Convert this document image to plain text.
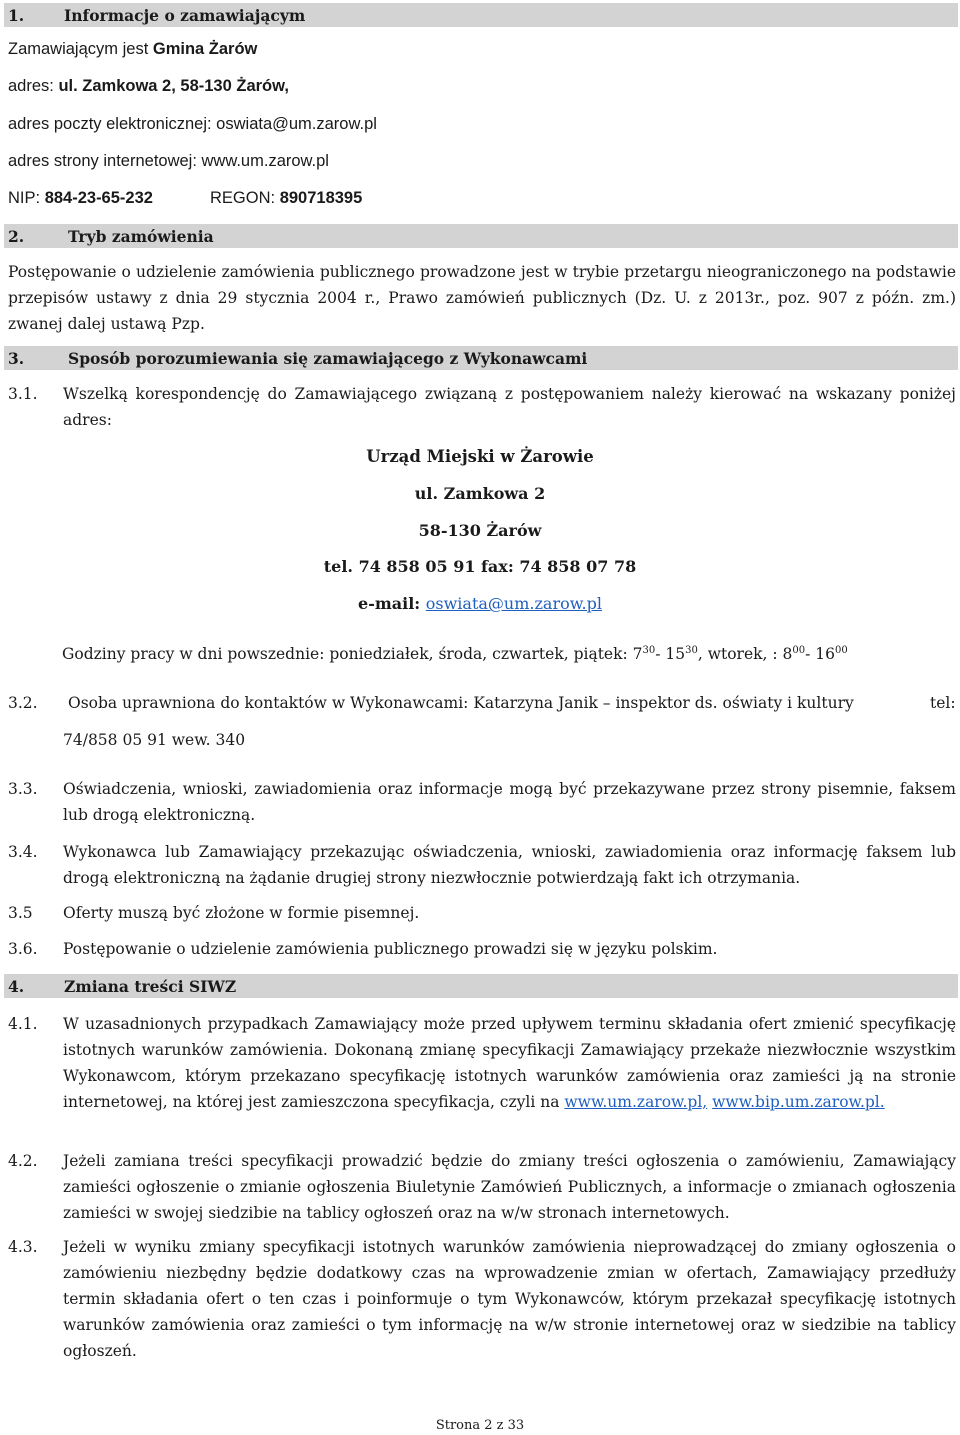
1.	Informacje o zamawiającym
Zamawiającym jest Gmina Żarów
adres: ul. Zamkowa 2, 58-130 Żarów,
adres poczty elektronicznej: oswiata@um.zarow.pl
adres strony internetowej: www.um.zarow.pl
NIP: 884-23-65-232	REGON: 890718395
2.	Tryb zamówienia
Postępowanie o udzielenie zamówienia publicznego prowadzone jest w trybie przetargu nieograniczonego na podstawie przepisów ustawy z dnia 29 stycznia 2004 r., Prawo zamówień publicznych (Dz. U. z 2013r., poz. 907 z późn. zm.) zwanej dalej ustawą Pzp.
3.	Sposób porozumiewania się zamawiającego z Wykonawcami
3.1. Wszelką korespondencję do Zamawiającego związaną z postępowaniem należy kierować na wskazany poniżej adres:
Urząd Miejski w Żarowie
ul. Zamkowa 2
58-130 Żarów
tel. 74 858 05 91 fax: 74 858 07 78
e-mail: oswiata@um.zarow.pl
Godziny pracy w dni powszednie: poniedziałek, środa, czwartek, piątek: $7^{30}-$ $15^{30}$, wtorek, : $8^{00}-$ $16^{00}$
3.2. Osoba uprawniona do kontaktów w Wykonawcami: Katarzyna Janik – inspektor ds. oświaty i kultury	tel:
74/858 05 91 wew. 340
3.3. Oświadczenia, wnioski, zawiadomienia oraz informacje mogą być przekazywane przez strony pisemnie, faksem lub drogą elektroniczną.
3.4. Wykonawca lub Zamawiający przekazując oświadczenia, wnioski, zawiadomienia oraz informację faksem lub drogą elektroniczną na żądanie drugiej strony niezwłocznie potwierdzają fakt ich otrzymania.
3.5 Oferty muszą być złożone w formie pisemnej.
3.6. Postępowanie o udzielenie zamówienia publicznego prowadzi się w języku polskim.
4.	Zmiana treści SIWZ
4.1. W uzasadnionych przypadkach Zamawiający może przed upływem terminu składania ofert zmienić specyfikację istotnych warunków zamówienia. Dokonaną zmianę specyfikacji Zamawiający przekaże niezwłocznie wszystkim Wykonawcom, którym przekazano specyfikację istotnych warunków zamówienia oraz zamieści ją na stronie internetowej, na której jest zamieszczona specyfikacja, czyli na www.um.zarow.pl, www.bip.um.zarow.pl.
4.2. Jeżeli zamiana treści specyfikacji prowadzić będzie do zmiany treści ogłoszenia o zamówieniu, Zamawiający zamieści ogłoszenie o zmianie ogłoszenia Biuletynie Zamówień Publicznych, a informacje o zmianach ogłoszenia zamieści w swojej siedzibie na tablicy ogłoszeń oraz na w/w stronach internetowych.
4.3. Jeżeli w wyniku zmiany specyfikacji istotnych warunków zamówienia nieprowadzącej do zmiany ogłoszenia o zamówieniu niezbędny będzie dodatkowy czas na wprowadzenie zmian w ofertach, Zamawiający przedłuży termin składania ofert o ten czas i poinformuje o tym Wykonawców, którym przekazał specyfikację istotnych warunków zamówienia oraz zamieści o tym informację na w/w stronie internetowej oraz w siedzibie na tablicy ogłoszeń.
Strona 2 z 33
